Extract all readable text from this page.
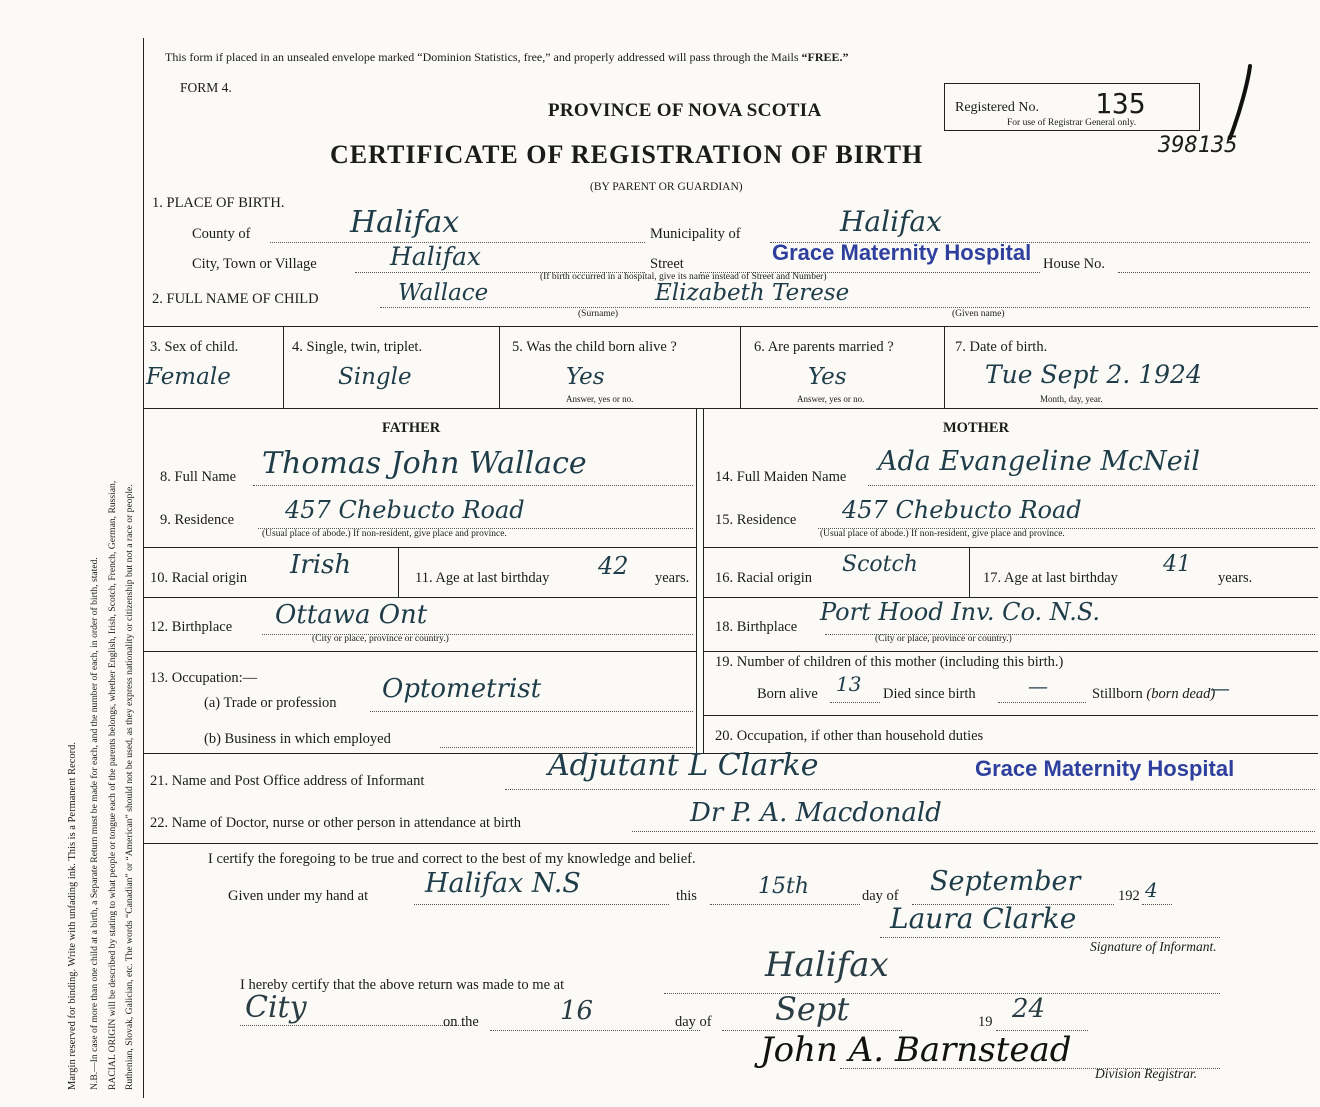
Margin reserved for binding. Write with unfading ink. This is a Permanent Record. N.B.—In case of more than one child at a birth, a Separate Return must be made for each, and the number of each, in order of birth, stated. RACIAL ORIGIN will be described by stating to what people or tongue each of the parents belongs, whether English, Irish, Scotch, French, German, Russian, Ruthenian, Slovak, Galician, etc. The words “Canadian” or “American” should not be used, as they express nationality or citizenship but not a race or people.
This form if placed in an unsealed envelope marked “Dominion Statistics, free,” and properly addressed will pass through the Mails “FREE.”
FORM 4.
PROVINCE OF NOVA SCOTIA
CERTIFICATE OF REGISTRATION OF BIRTH
(BY PARENT OR GUARDIAN)
Registered No. 135
For use of Registrar General only.
398135
1. PLACE OF BIRTH.
County of	Halifax	Municipality of	Halifax
City, Town or Village	Halifax	Street	Grace Maternity Hospital House No.
(If birth occurred in a hospital, give its name instead of Street and Number)
2. FULL NAME OF CHILD	Wallace	Elizabeth Terese
(Surname)	(Given name)
3. Sex of child.
Female
4. Single, twin, triplet.
Single
5. Was the child born alive ?
Yes
Answer, yes or no.
6. Are parents married ?
Yes
Answer, yes or no.
7. Date of birth.
Tue Sept 2. 1924
Month, day, year.
FATHER
8. Full Name Thomas John Wallace
9. Residence 457 Chebucto Road
(Usual place of abode.) If non-resident, give place and province.
10. Racial origin Irish	11. Age at last birthday 42 years.
12. Birthplace Ottawa Ont
(City or place, province or country.)
13. Occupation:—
(a) Trade or profession Optometrist
(b) Business in which employed
MOTHER
14. Full Maiden Name Ada Evangeline McNeil
15. Residence 457 Chebucto Road
(Usual place of abode.) If non-resident, give place and province.
16. Racial origin
Scotch
17. Age at last birthday
41
years.
18. Birthplace
Port Hood Inv. Co. N.S.
(City or place, province or country.)
19. Number of children of this mother (including this birth.)
Born alive 13 Died since birth	—	Stillborn (born dead)
—
20. Occupation, if other than household duties
21. Name and Post Office address of Informant	Adjutant L Clarke	Grace Maternity Hospital
22. Name of Doctor, nurse or other person in attendance at birth	Dr P. A. Macdonald
I certify the foregoing to be true and correct to the best of my knowledge and belief.
Given under my hand at Halifax N.S	this	15th	day of September	192 4
Laura Clarke
Signature of Informant.
I hereby certify that the above return was made to me at	Halifax
City	on the	16	day of Sept	19 24
John A. Barnstead
Division Registrar.
